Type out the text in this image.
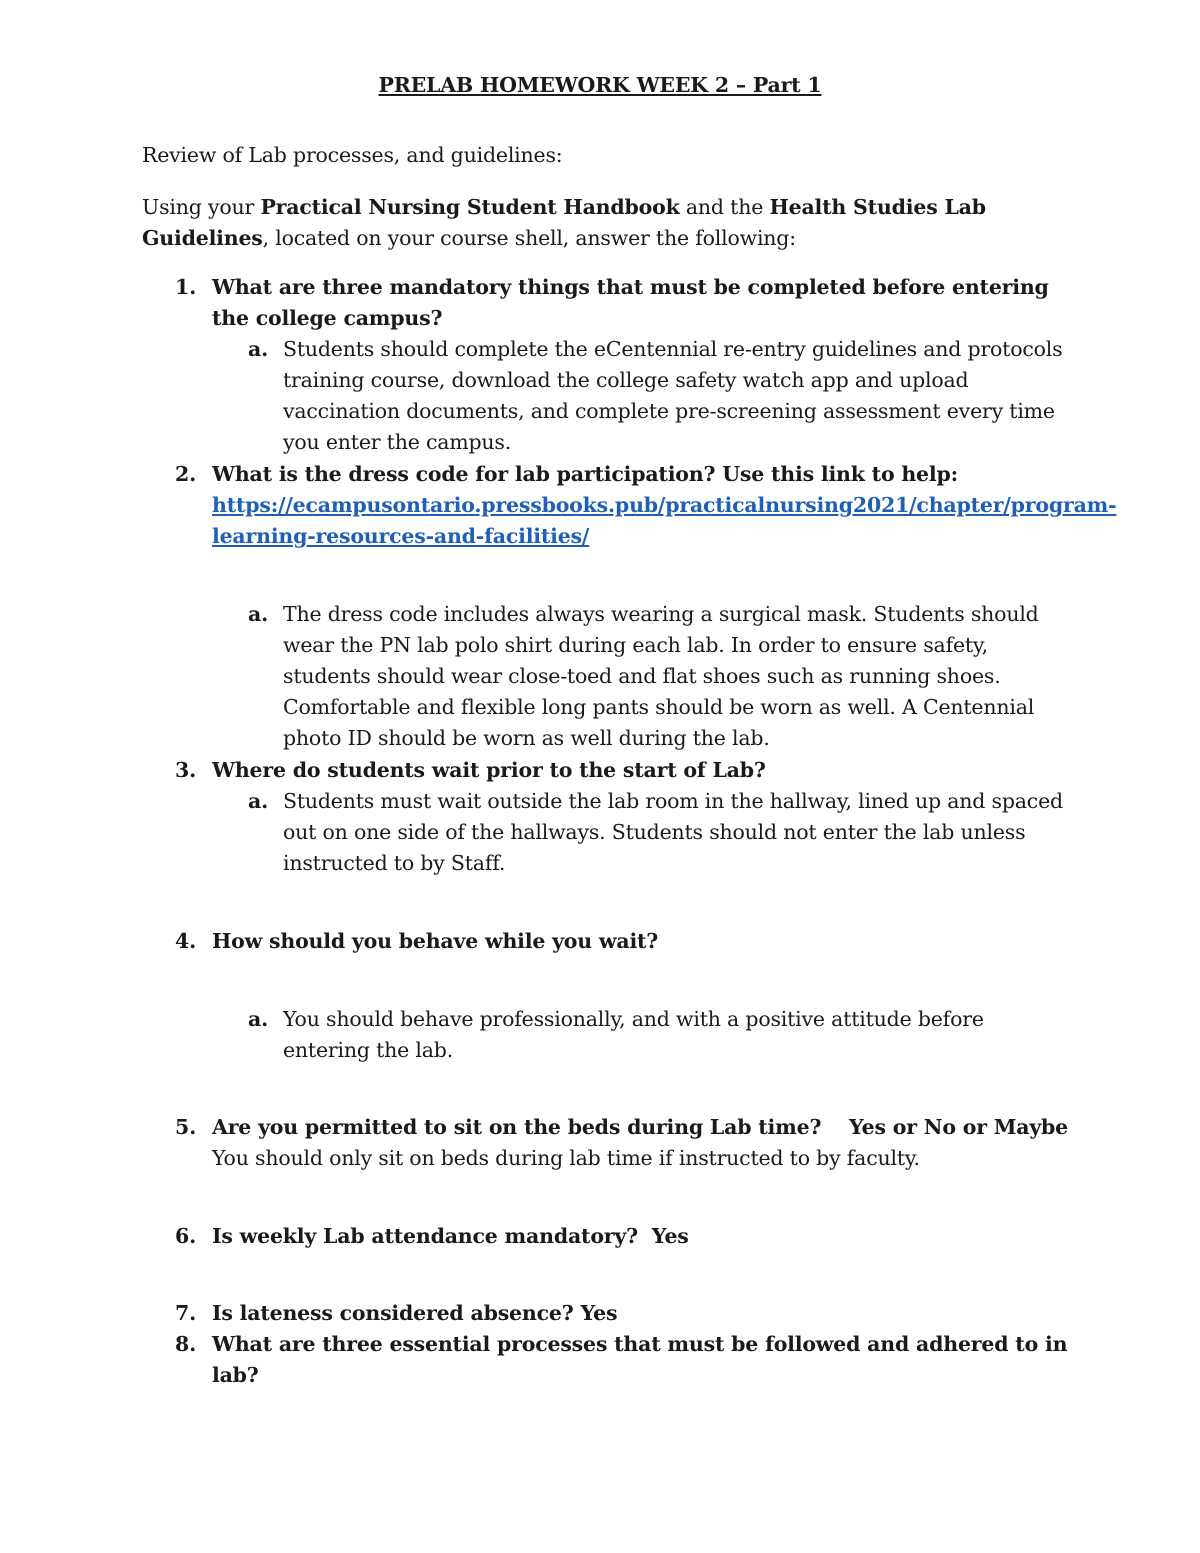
PRELAB HOMEWORK WEEK 2 – Part 1
Review of Lab processes, and guidelines:
Using your Practical Nursing Student Handbook and the Health Studies Lab Guidelines, located on your course shell, answer the following:
1. What are three mandatory things that must be completed before entering the college campus?
a. Students should complete the eCentennial re-entry guidelines and protocols training course, download the college safety watch app and upload vaccination documents, and complete pre-screening assessment every time you enter the campus.
2. What is the dress code for lab participation? Use this link to help:
https://ecampusontario.pressbooks.pub/practicalnursing2021/chapter/program-learning-resources-and-facilities/
a. The dress code includes always wearing a surgical mask. Students should wear the PN lab polo shirt during each lab. In order to ensure safety, students should wear close-toed and flat shoes such as running shoes. Comfortable and flexible long pants should be worn as well. A Centennial photo ID should be worn as well during the lab.
3. Where do students wait prior to the start of Lab?
a. Students must wait outside the lab room in the hallway, lined up and spaced out on one side of the hallways. Students should not enter the lab unless instructed to by Staff.
4. How should you behave while you wait?
a. You should behave professionally, and with a positive attitude before entering the lab.
5. Are you permitted to sit on the beds during Lab time?    Yes or No or Maybe
You should only sit on beds during lab time if instructed to by faculty.
6. Is weekly Lab attendance mandatory?  Yes
7. Is lateness considered absence? Yes
8. What are three essential processes that must be followed and adhered to in lab?
